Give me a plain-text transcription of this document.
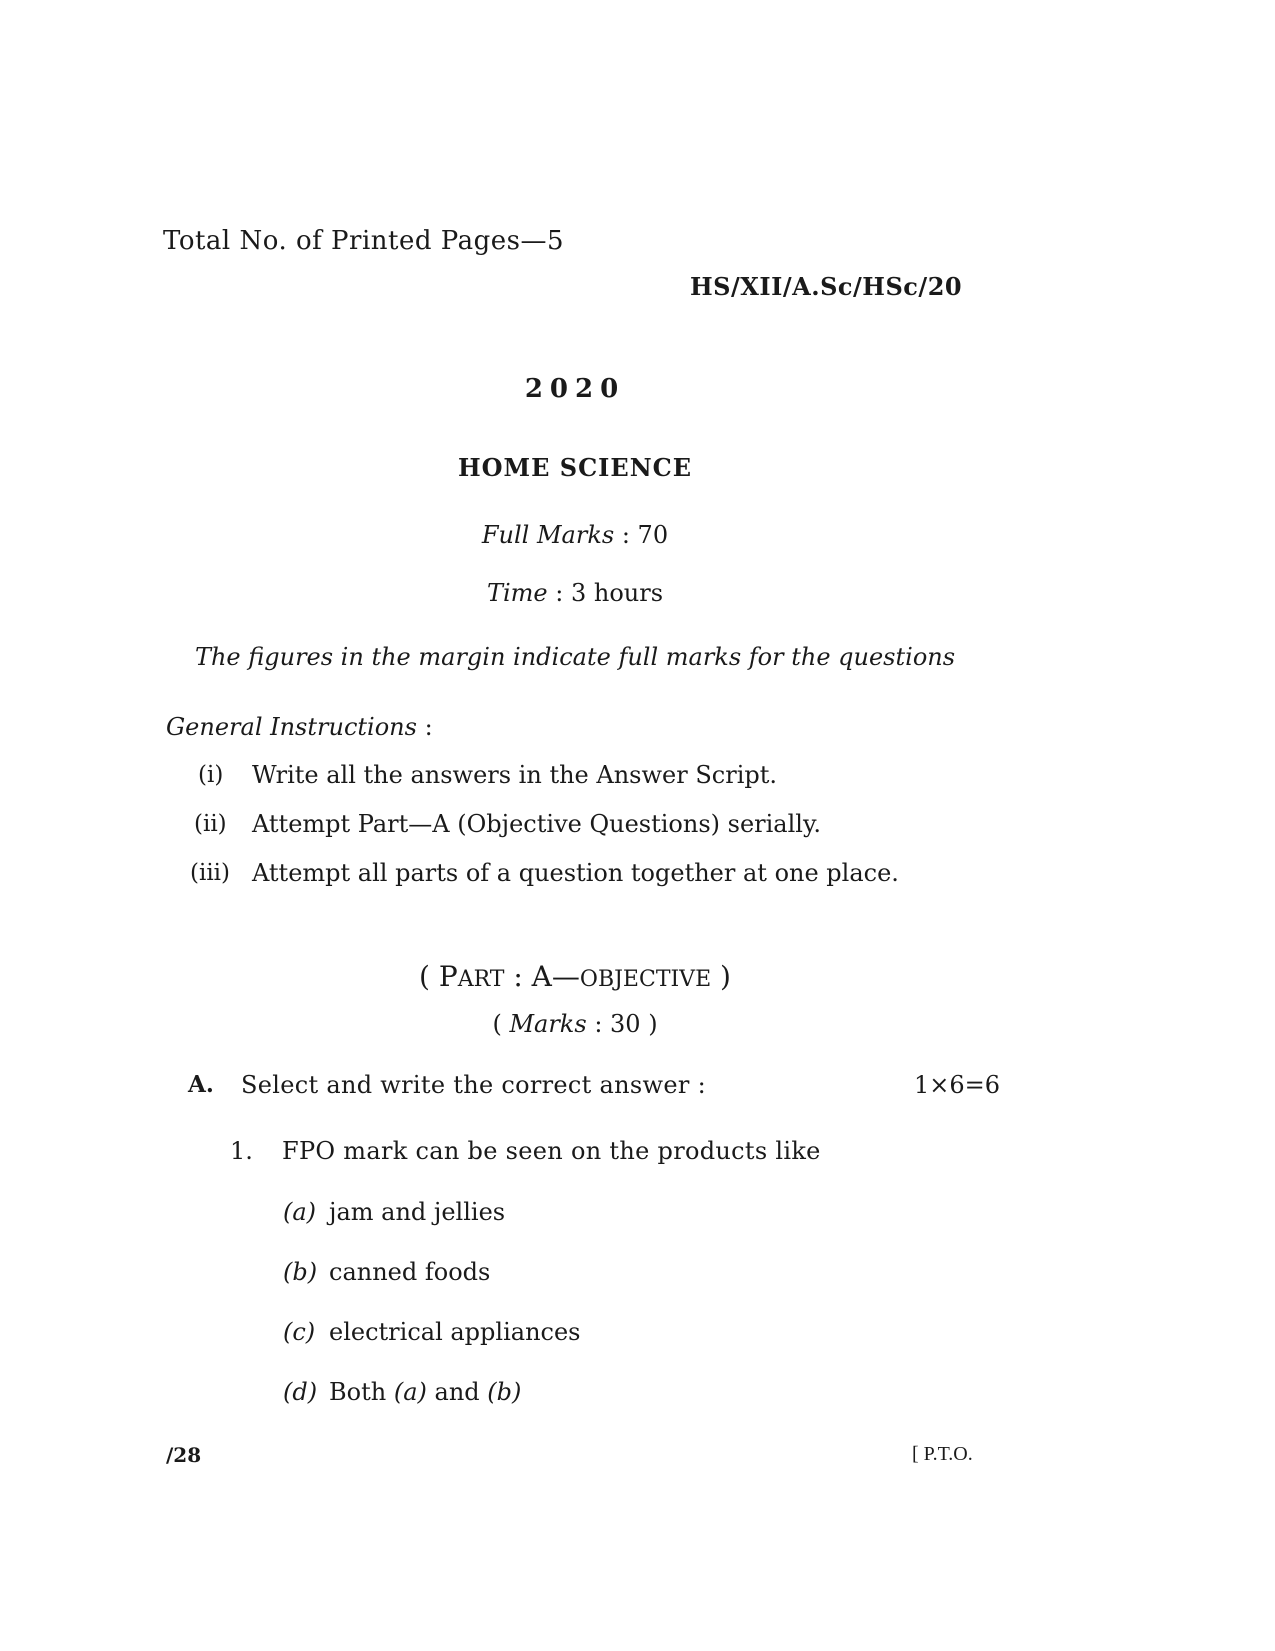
Total No. of Printed Pages—5
HS/XII/A.Sc/HSc/20
2020
HOME SCIENCE
Full Marks : 70
Time : 3 hours
The figures in the margin indicate full marks for the questions
General Instructions :
(i) Write all the answers in the Answer Script.
(ii) Attempt Part—A (Objective Questions) serially.
(iii) Attempt all parts of a question together at one place.
( PART : A—OBJECTIVE )
( Marks : 30 )
A. Select and write the correct answer :	1×6=6
1. FPO mark can be seen on the products like
(a) jam and jellies
(b) canned foods
(c) electrical appliances
(d) Both (a) and (b)
/28	[ P.T.O.
